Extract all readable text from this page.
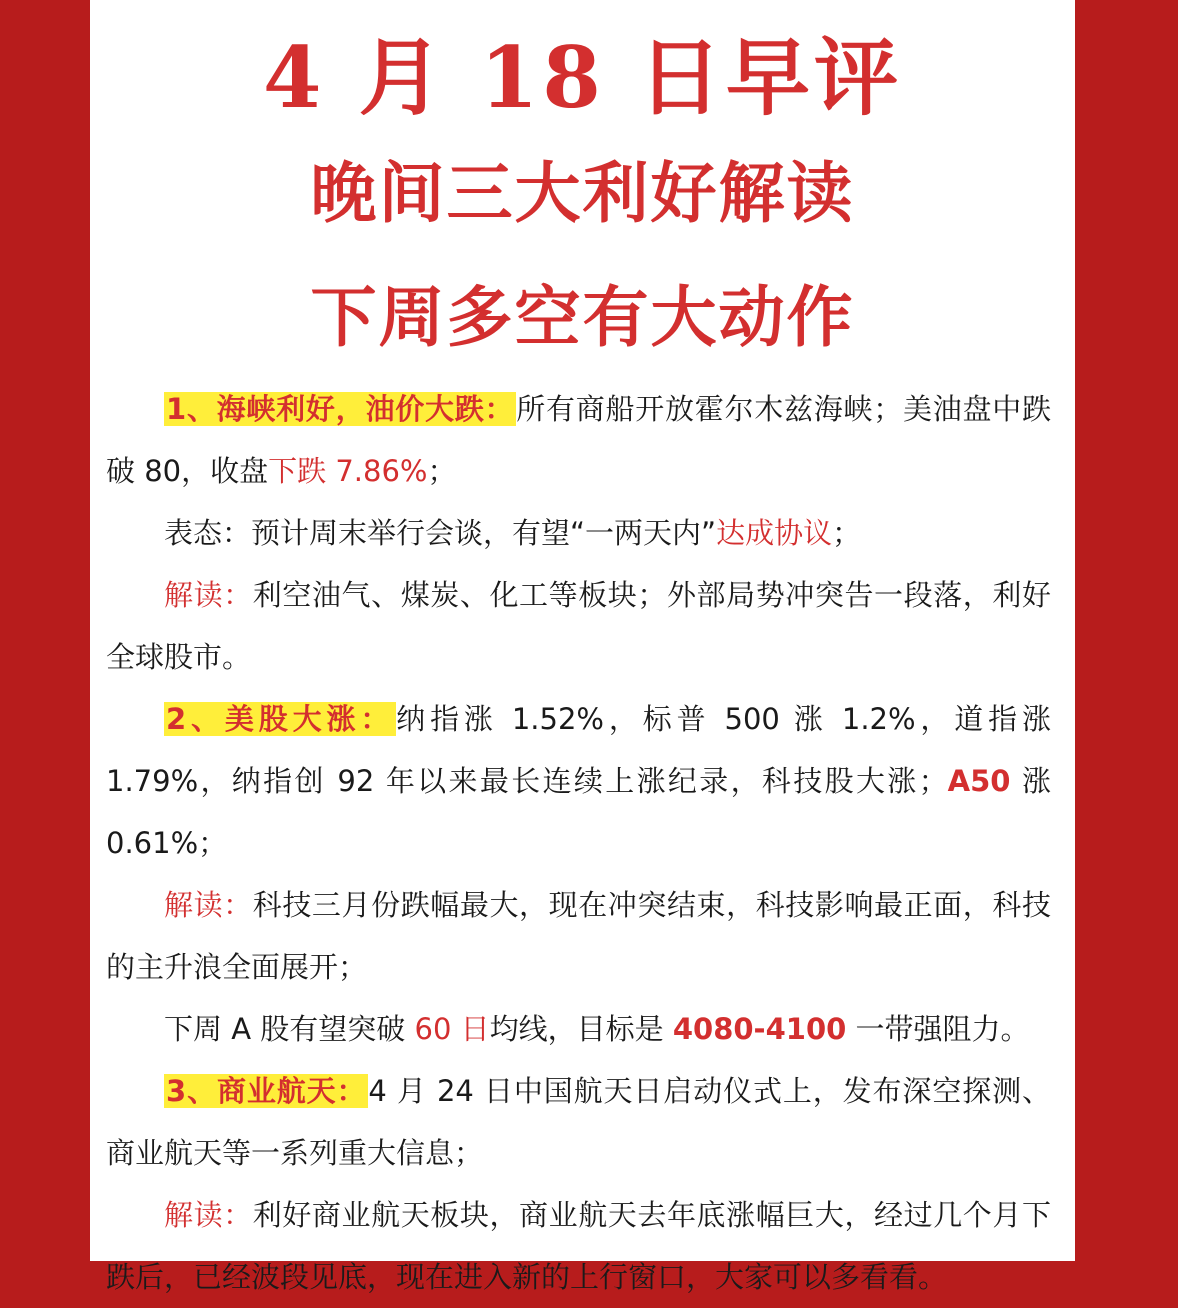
4 月 18 日早评
晚间三大利好解读
下周多空有大动作

1、海峡利好，油价大跌：所有商船开放霍尔木兹海峡；美油盘中跌破 80，收盘下跌 7.86%；

表态：预计周末举行会谈，有望“一两天内”达成协议；

解读：利空油气、煤炭、化工等板块；外部局势冲突告一段落，利好全球股市。

2、美股大涨：纳指涨 1.52%，标普 500 涨 1.2%，道指涨 1.79%，纳指创 92 年以来最长连续上涨纪录，科技股大涨；A50 涨 0.61%；

解读：科技三月份跌幅最大，现在冲突结束，科技影响最正面，科技的主升浪全面展开；

下周 A 股有望突破 60 日均线，目标是 4080-4100 一带强阻力。

3、商业航天：4 月 24 日中国航天日启动仪式上，发布深空探测、商业航天等一系列重大信息；

解读：利好商业航天板块，商业航天去年底涨幅巨大，经过几个月下跌后，已经波段见底，现在进入新的上行窗口，大家可以多看看。
